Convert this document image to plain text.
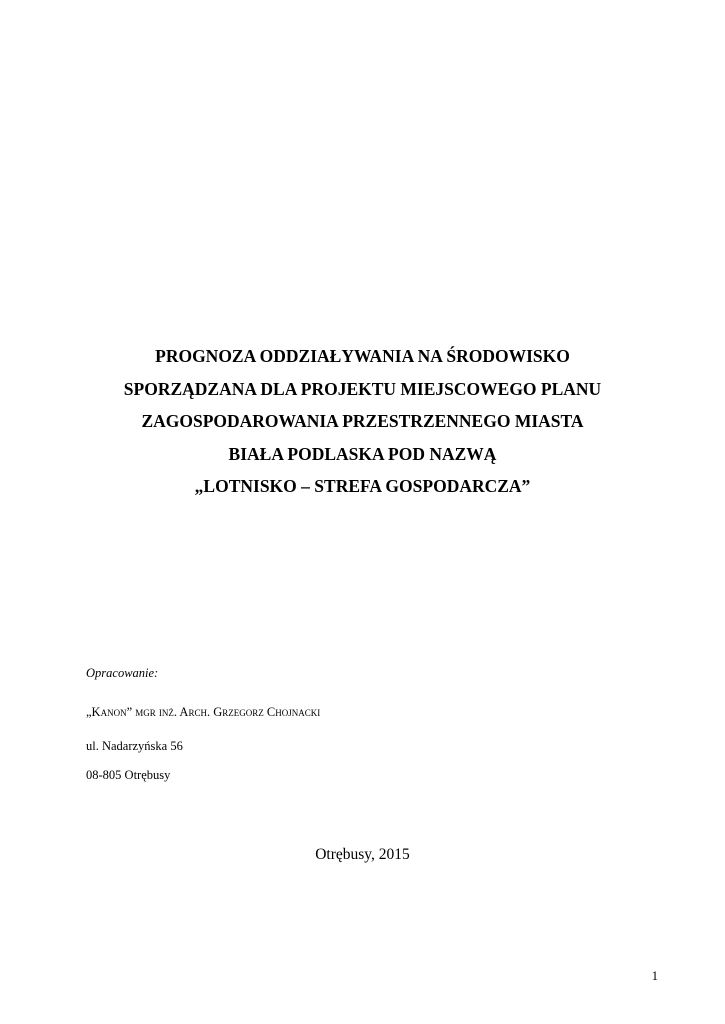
PROGNOZA ODDZIAŁYWANIA NA ŚRODOWISKO
SPORZĄDZANA DLA PROJEKTU MIEJSCOWEGO PLANU
ZAGOSPODAROWANIA PRZESTRZENNEGO MIASTA
BIAŁA PODLASKA POD NAZWĄ
„LOTNISKO – STREFA GOSPODARCZA”
Opracowanie:
„Kanon” mgr inż. Arch. Grzegorz Chojnacki
ul. Nadarzyńska 56
08-805 Otrębusy
Otrębusy, 2015
1
